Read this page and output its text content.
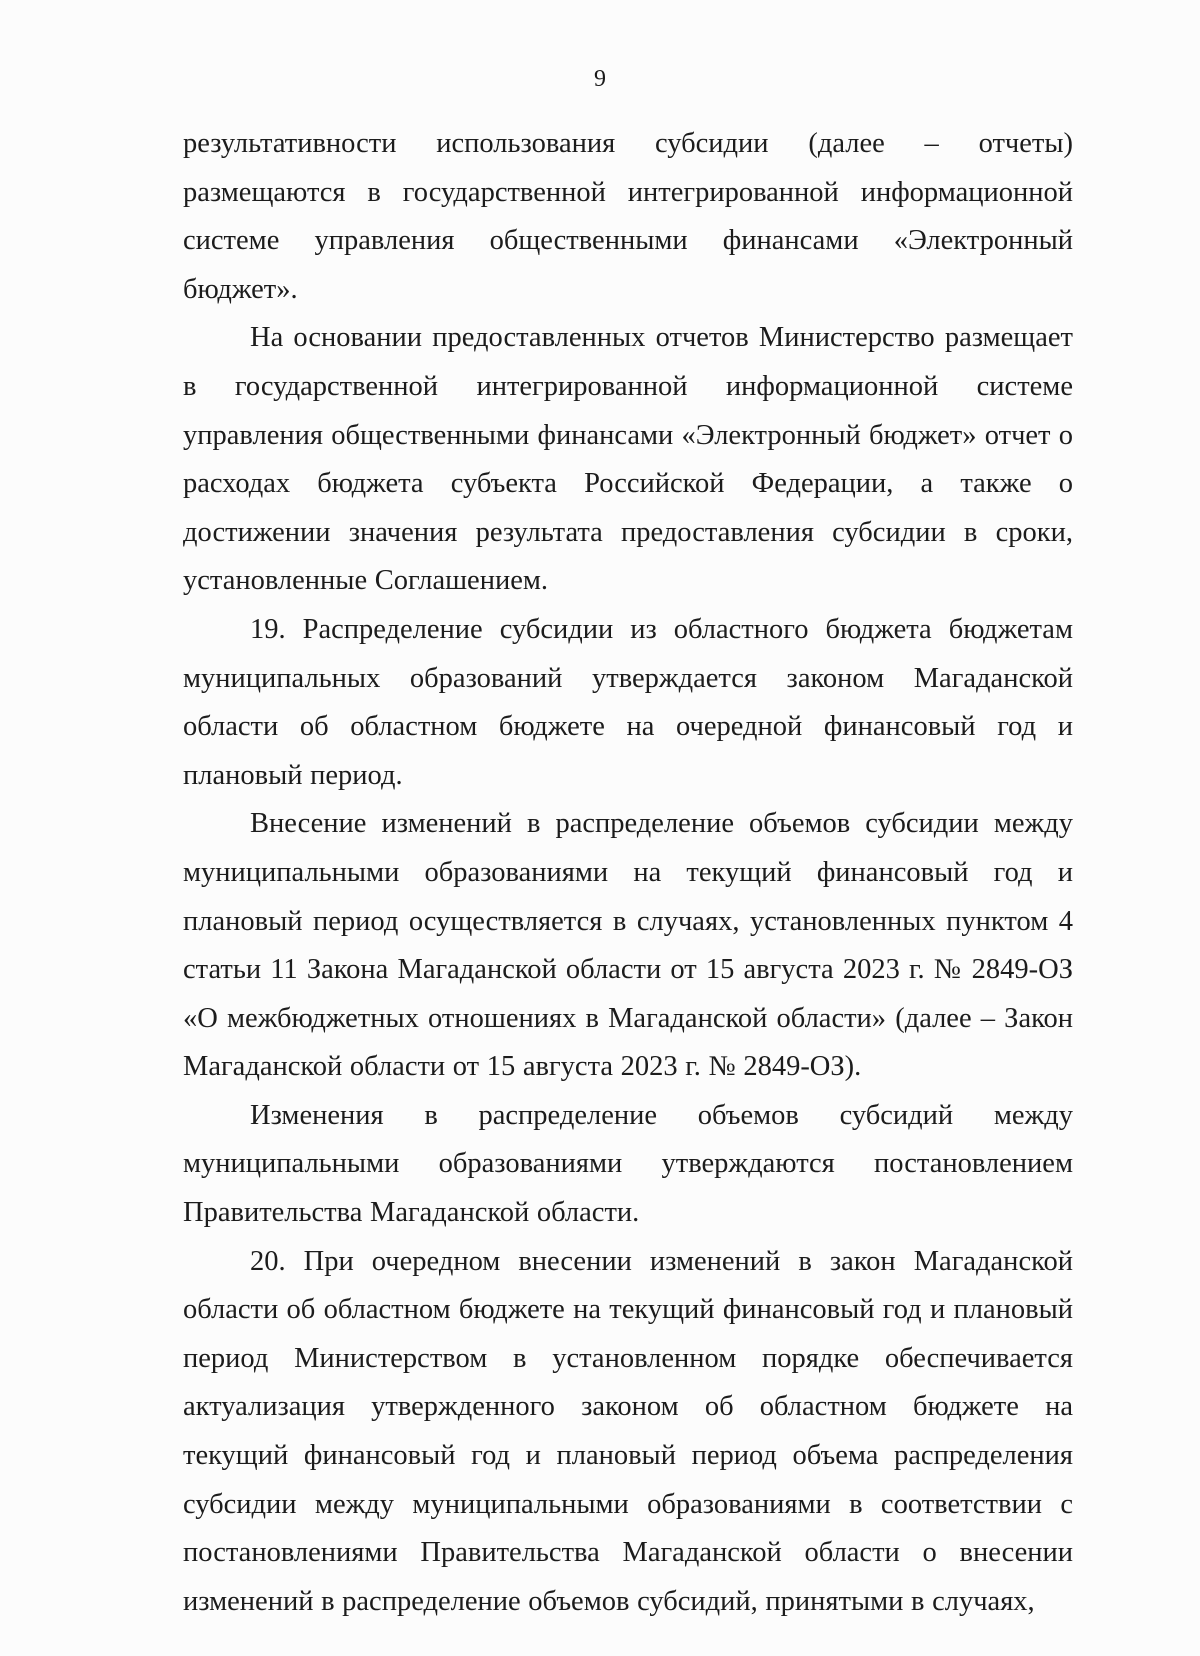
9

результативности использования субсидии (далее – отчеты) размещаются в государственной интегрированной информационной системе управления общественными финансами «Электронный бюджет».

На основании предоставленных отчетов Министерство размещает в государственной интегрированной информационной системе управления общественными финансами «Электронный бюджет» отчет о расходах бюджета субъекта Российской Федерации, а также о достижении значения результата предоставления субсидии в сроки, установленные Соглашением.

19. Распределение субсидии из областного бюджета бюджетам муниципальных образований утверждается законом Магаданской области об областном бюджете на очередной финансовый год и плановый период.

Внесение изменений в распределение объемов субсидии между муниципальными образованиями на текущий финансовый год и плановый период осуществляется в случаях, установленных пунктом 4 статьи 11 Закона Магаданской области от 15 августа 2023 г. № 2849-ОЗ «О межбюджетных отношениях в Магаданской области» (далее – Закон Магаданской области от 15 августа 2023 г. № 2849-ОЗ).

Изменения в распределение объемов субсидий между муниципальными образованиями утверждаются постановлением Правительства Магаданской области.

20. При очередном внесении изменений в закон Магаданской области об областном бюджете на текущий финансовый год и плановый период Министерством в установленном порядке обеспечивается актуализация утвержденного законом об областном бюджете на текущий финансовый год и плановый период объема распределения субсидии между муниципальными образованиями в соответствии с постановлениями Правительства Магаданской области о внесении изменений в распределение объемов субсидий, принятыми в случаях,
